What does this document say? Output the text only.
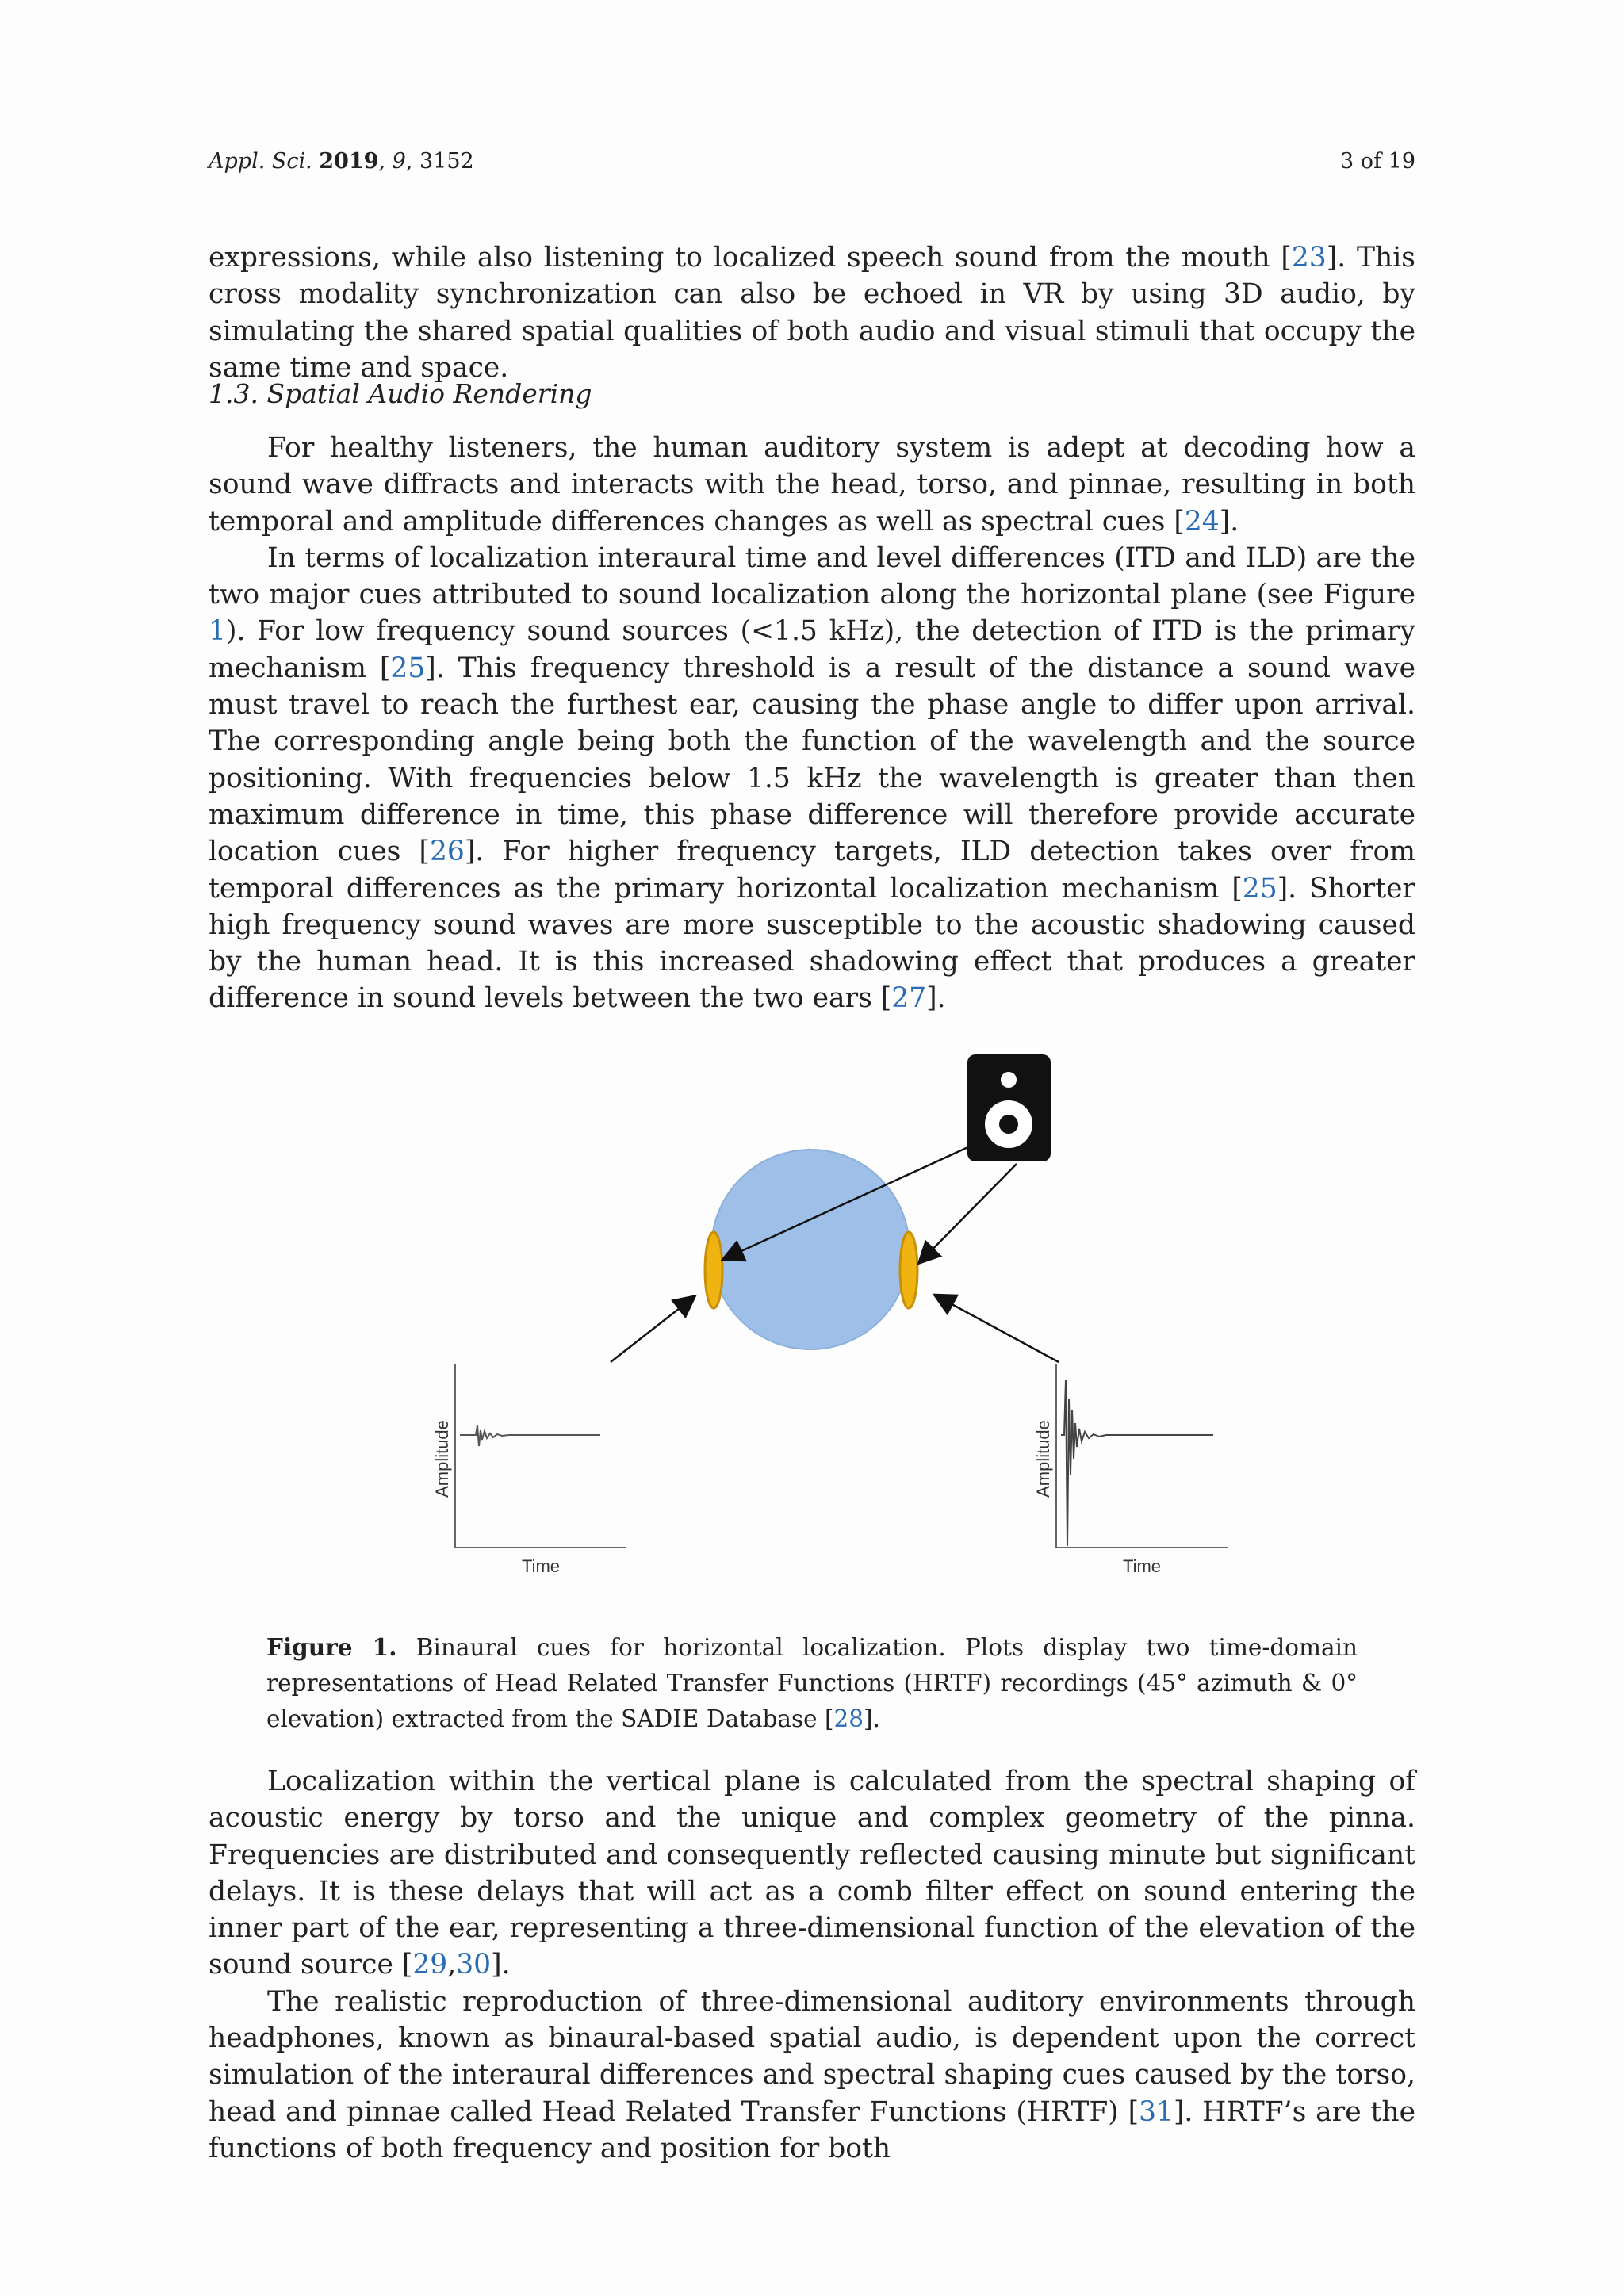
Appl. Sci. 2019, 9, 3152	3 of 19

expressions, while also listening to localized speech sound from the mouth [23]. This cross modality synchronization can also be echoed in VR by using 3D audio, by simulating the shared spatial qualities of both audio and visual stimuli that occupy the same time and space.

1.3. Spatial Audio Rendering

For healthy listeners, the human auditory system is adept at decoding how a sound wave diffracts and interacts with the head, torso, and pinnae, resulting in both temporal and amplitude differences changes as well as spectral cues [24].

In terms of localization interaural time and level differences (ITD and ILD) are the two major cues attributed to sound localization along the horizontal plane (see Figure 1). For low frequency sound sources (<1.5 kHz), the detection of ITD is the primary mechanism [25]. This frequency threshold is a result of the distance a sound wave must travel to reach the furthest ear, causing the phase angle to differ upon arrival. The corresponding angle being both the function of the wavelength and the source positioning. With frequencies below 1.5 kHz the wavelength is greater than then maximum difference in time, this phase difference will therefore provide accurate location cues [26]. For higher frequency targets, ILD detection takes over from temporal differences as the primary horizontal localization mechanism [25]. Shorter high frequency sound waves are more susceptible to the acoustic shadowing caused by the human head. It is this increased shadowing effect that produces a greater difference in sound levels between the two ears [27].

Amplitude
Time
Amplitude
Time
Figure 1. Binaural cues for horizontal localization. Plots display two time-domain representations of Head Related Transfer Functions (HRTF) recordings (45° azimuth & 0° elevation) extracted from the SADIE Database [28].

Localization within the vertical plane is calculated from the spectral shaping of acoustic energy by torso and the unique and complex geometry of the pinna. Frequencies are distributed and consequently reflected causing minute but significant delays. It is these delays that will act as a comb filter effect on sound entering the inner part of the ear, representing a three-dimensional function of the elevation of the sound source [29,30].

The realistic reproduction of three-dimensional auditory environments through headphones, known as binaural-based spatial audio, is dependent upon the correct simulation of the interaural differences and spectral shaping cues caused by the torso, head and pinnae called Head Related Transfer Functions (HRTF) [31]. HRTF’s are the functions of both frequency and position for both
